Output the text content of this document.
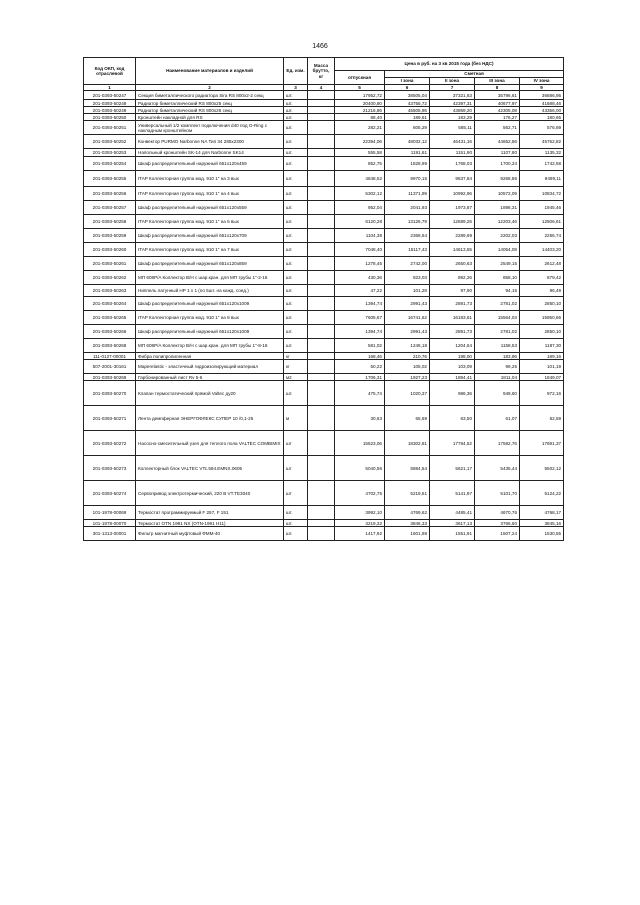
1466
Код ОКП, код отраслевой	Наименование материалов и изделий	Ед. изм.	Масса брутто, кг	Цена в руб. на 3 кв 2015 года (без НДС)				
				отпускная	Сметная			
					I зона	II зона	III зона	IV зона
1	2	3	4	5	6	7	8	9
201-0393-50247	Секция биметаллического радиатора Sira RS 800х2-2 секц	шт.		17952,72	38505,04	37321,63	35796,61	36686,95
201-0393-50248	Радиатор биметаллический RS 800х25 секц	шт.		20400,80	43755,72	42397,31	40677,97	41688,46
201-0393-50249	Радиатор биметаллический RS 800х26 секц	шт.		21216,86	45505,95	43869,20	42305,08	43356,00
201-0393-50250	Кронштейн накладной для RS	шт.		88,40	189,61	183,29	176,27	180,65
201-0393-50251	Универсальный 1/2 комплект подключения d40 под O-Ring с накладным кронштейном	шт.		282,21	605,29	585,11	562,71	576,69
201-0393-50252	Конвектор PURMO Narbonne NA Тип 34 285х2300	шт.		22394,06	48032,12	46431,16	44652,56	45762,82
201-0393-50253	Напольный кронштейн SK-14 для Narbonne SK14	шт.		555,58	1191,61	1151,90	1107,80	1135,32
201-0393-50254	Шкаф распределительный наружный 651х120х459	шт.		852,75	1828,99	1768,03	1700,34	1742,58
201-0393-50255	ITAP Коллекторная группа мод. 910 1" на 3 вых	шт.		4648,52	9970,15	9637,84	9268,86	9499,11
201-0393-50256	ITAP Коллекторная группа мод. 910 1" на 4 вых	шт.		5302,12	11371,99	10992,96	10572,09	10834,72
201-0393-50257	Шкаф распределительный наружный 651х120х559	шт.		952,04	2041,93	1973,87	1898,31	1945,46
201-0393-50258	ITAP Коллекторная группа мод. 910 1" на 6 вых	шт.		6120,28	13126,79	12689,26	12203,46	12506,61
201-0393-50259	Шкаф распределительный наружный 651х120х709	шт.		1104,38	2368,64	2289,69	2202,03	2256,74
201-0393-50260	ITAP Коллекторная группа мод. 910 1" на 7 вых	шт.		7048,40	15117,43	14613,55	14054,08	14403,20
201-0393-50261	Шкаф распределительный наружный 651х120х859	шт.		1278,45	2742,00	2650,63	2549,15	2612,48
201-0393-50262	МП 608P/A Коллектор В/Н с шар.кран. для МП трубы 1"-2-16	шт.		430,36	923,03	892,26	858,10	879,42
201-0393-50263	Ниппель латунный НР 1 х 1 (по 5шт. на кажд. соед.)	шт.		47,22	101,28	97,90	94,15	96,49
201-0393-50264	Шкаф распределительный наружный 651х120х1009	шт.		1394,74	2991,43	2891,73	2781,02	2850,10
201-0393-50265	ITAP Коллекторная группа мод. 910 1" на 8 вых	шт.		7605,67	16741,62	16183,61	15564,03	15950,66
201-0393-50266	Шкаф распределительный наружный 651х120х1009	шт.		1394,74	2991,43	2891,73	2781,02	2850,10
201-0393-50268	МП 608P/A Коллектор В/Н с шар.кран. для МП трубы 1"-8-16	шт.		581,02	1246,18	1204,64	1158,53	1187,30
111-0127-00001	Фибра полипропиленная	кг		168,46	210,76	198,00	183,96	189,16
507-2001-30161	Maperelastic - эластичный гидроизолирующий материал	кг		50,22	105,02	103,09	99,25	101,19
201-0393-50269	Гарбонированный лист Rv 5-6	м2		1706,31	1927,23	1884,41	1811,04	1849,07
201-0393-50270	Клапан термостатический прямой Valtec ду20	шт.		475,74	1020,37	986,36	948,60	972,16
201-0393-50271	Лента демпферная ЭНЕРГОФЛЕКС СУПЕР 10 /0,1-25	м		30,63	65,69	63,50	61,07	62,59
201-0393-50272	Насосно-смесительный узел для теплого пола VALTEC COMBIMIX	шт		15523,06	18302,81	17784,52	17582,76	17691,37
201-0393-50273	Коллекторный блок VALTEC VTc.594.EMNX.0605	шт		5040,56	5884,54	5621,17	5435,44	5502,12
201-0393-50274	Сервопривод электротермический, 220 В VT.TE3040	шт		4702,75	5219,61	5141,97	5101,70	5124,22
101-1978-00069	Термостат программируемый F 257, F 151	шт.		3992,10	4769,62	4485,41	4670,76	4768,17
101-1978-00070	Термостат OTN 1991 NX (OTN-1991 H11)	шт.		3219,32	3846,33	3617,13	3766,60	3845,16
301-1313-00001	Фильтр магнитный муфтовый ФММ-40	шт.		1417,92	1601,98	1551,91	1507,24	1530,55
